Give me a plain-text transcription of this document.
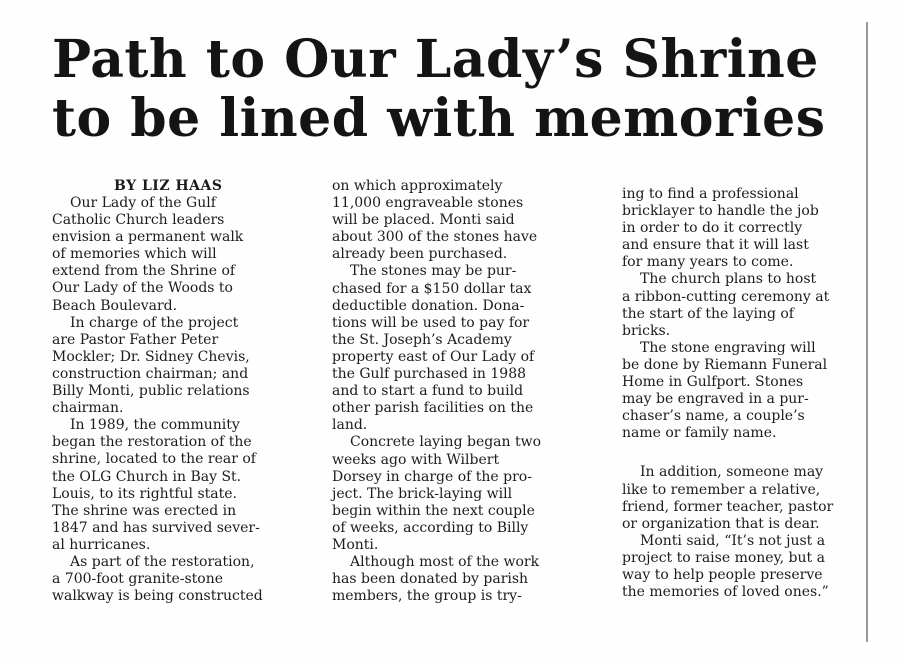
Path to Our Lady’s Shrine
to be lined with memories
BY LIZ HAAS

Our Lady of the Gulf
Catholic Church leaders
envision a permanent walk
of memories which will
extend from the Shrine of
Our Lady of the Woods to
Beach Boulevard.

In charge of the project
are Pastor Father Peter
Mockler; Dr. Sidney Chevis,
construction chairman; and
Billy Monti, public relations
chairman.

In 1989, the community
began the restoration of the
shrine, located to the rear of
the OLG Church in Bay St.
Louis, to its rightful state.
The shrine was erected in
1847 and has survived sever-
al hurricanes.

As part of the restoration,
a 700-foot granite-stone
walkway is being constructed

on which approximately
11,000 engraveable stones
will be placed. Monti said
about 300 of the stones have
already been purchased.

The stones may be pur-
chased for a $150 dollar tax
deductible donation. Dona-
tions will be used to pay for
the St. Joseph’s Academy
property east of Our Lady of
the Gulf purchased in 1988
and to start a fund to build
other parish facilities on the
land.

Concrete laying began two
weeks ago with Wilbert
Dorsey in charge of the pro-
ject. The brick-laying will
begin within the next couple
of weeks, according to Billy
Monti.

Although most of the work
has been donated by parish
members, the group is try-

ing to find a professional
bricklayer to handle the job
in order to do it correctly
and ensure that it will last
for many years to come.

The church plans to host
a ribbon-cutting ceremony at
the start of the laying of
bricks.

The stone engraving will
be done by Riemann Funeral
Home in Gulfport. Stones
may be engraved in a pur-
chaser’s name, a couple’s
name or family name.

In addition, someone may
like to remember a relative,
friend, former teacher, pastor
or organization that is dear.

Monti said, “It’s not just a
project to raise money, but a
way to help people preserve
the memories of loved ones.”
